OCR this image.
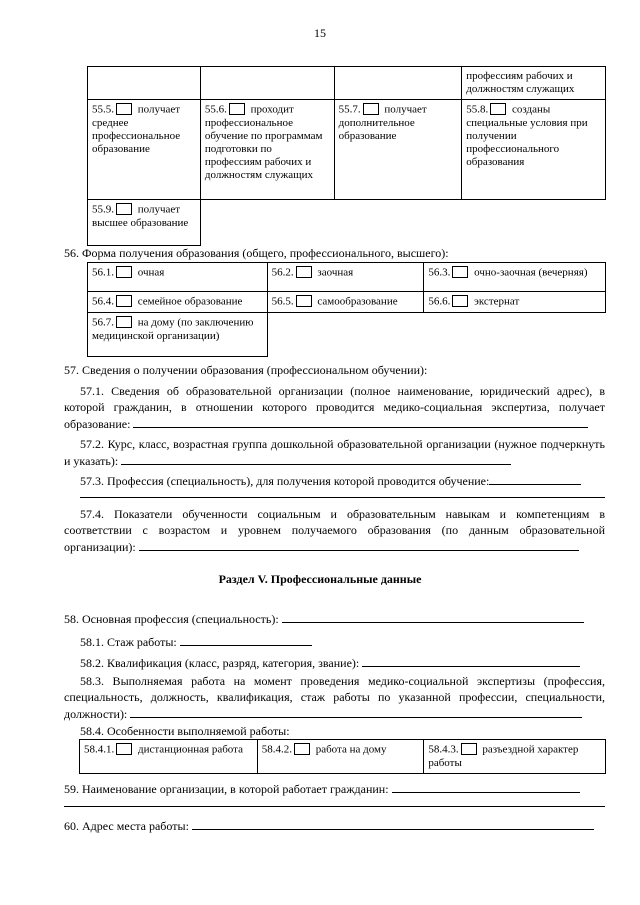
15
			профессиям рабочих и должностям служащих
55.5. получает среднее профессиональное образование	55.6. проходит профессиональное обучение по программам подготовки по профессиям рабочих и должностям служащих	55.7. получает дополнительное образование	55.8. созданы специальные условия при получении профессионального образования
55.9. получает высшее образование			
56. Форма получения образования (общего, профессионального, высшего):
56.1. очная	56.2. заочная	56.3. очно-заочная (вечерняя)
56.4. семейное образование	56.5. самообразование	56.6. экстернат
56.7. на дому (по заключению медицинской организации)		
57. Сведения о получении образования (профессиональном обучении):
57.1. Сведения об образовательной организации (полное наименование, юридический адрес), в которой гражданин, в отношении которого проводится медико-социальная экспертиза, получает образование:
57.2. Курс, класс, возрастная группа дошкольной образовательной организации (нужное подчеркнуть и указать):
57.3. Профессия (специальность), для получения которой проводится обучение:
57.4. Показатели обученности социальным и образовательным навыкам и компетенциям в соответствии с возрастом и уровнем получаемого образования (по данным образовательной организации):
Раздел V. Профессиональные данные
58. Основная профессия (специальность):
58.1. Стаж работы:
58.2. Квалификация (класс, разряд, категория, звание):
58.3. Выполняемая работа на момент проведения медико-социальной экспертизы (профессия, специальность, должность, квалификация, стаж работы по указанной профессии, специальности, должности):
58.4. Особенности выполняемой работы:
58.4.1. дистанционная работа	58.4.2. работа на дому	58.4.3. разъездной характер работы
59. Наименование организации, в которой работает гражданин:
60. Адрес места работы:
